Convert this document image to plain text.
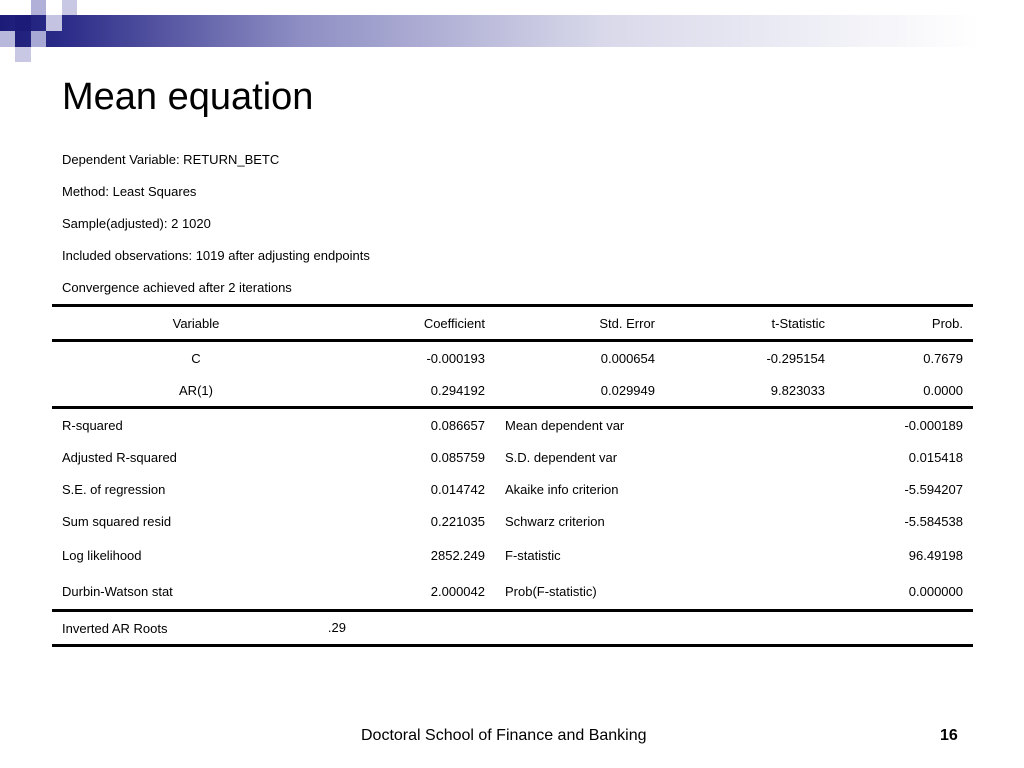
Mean equation
Dependent Variable: RETURN_BETC
Method: Least Squares
Sample(adjusted): 2 1020
Included observations: 1019 after adjusting endpoints
Convergence achieved after 2 iterations
Variable	Coefficient	Std. Error	t-Statistic	Prob.
C	-0.000193	0.000654	-0.295154	0.7679
AR(1)	0.294192	0.029949	9.823033	0.0000
R-squared	0.086657	Mean dependent var		-0.000189
Adjusted R-squared	0.085759	S.D. dependent var		0.015418
S.E. of regression	0.014742	Akaike info criterion		-5.594207
Sum squared resid	0.221035	Schwarz criterion		-5.584538
Log likelihood	2852.249	F-statistic		96.49198
Durbin-Watson stat	2.000042	Prob(F-statistic)		0.000000
Inverted AR Roots .29				

Doctoral School of Finance and Banking	16
